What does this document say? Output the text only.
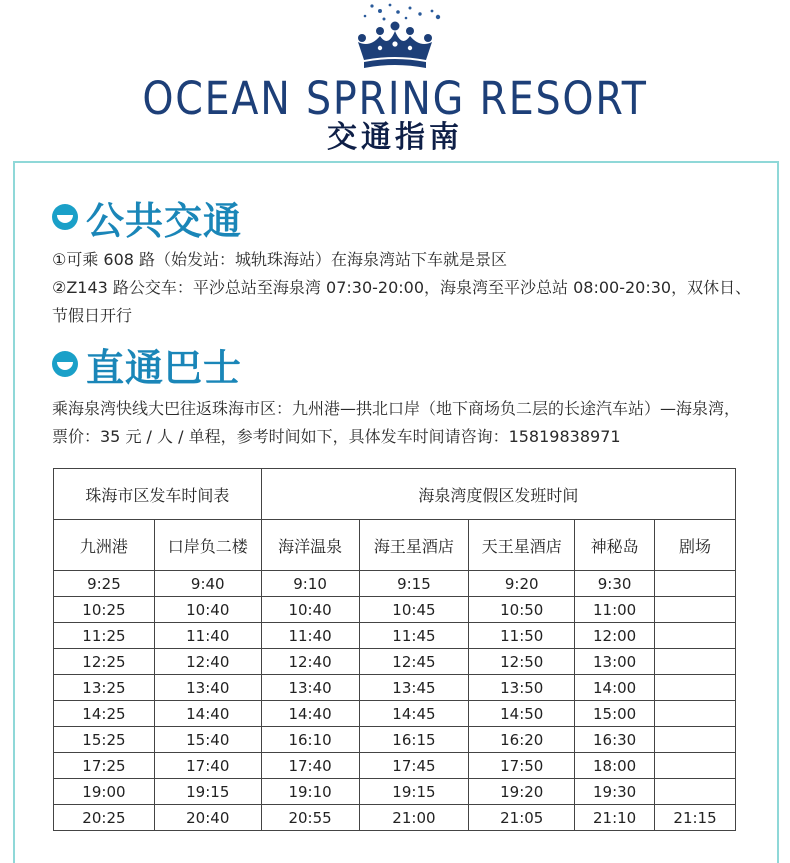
OCEAN SPRING RESORT
交通指南
公共交通
①可乘 608 路（始发站：城轨珠海站）在海泉湾站下车就是景区
②Z143 路公交车：平沙总站至海泉湾 07:30-20:00，海泉湾至平沙总站 08:00-20:30，双休日、节假日开行
直通巴士
乘海泉湾快线大巴往返珠海市区：九州港—拱北口岸（地下商场负二层的长途汽车站）—海泉湾，票价：35 元 / 人 / 单程，参考时间如下，具体发车时间请咨询：15819838971
珠海市区发车时间表		海泉湾度假区发班时间				
九洲港	口岸负二楼	海洋温泉	海王星酒店	天王星酒店	神秘岛	剧场
9:25	9:40	9:10	9:15	9:20	9:30	
10:25	10:40	10:40	10:45	10:50	11:00	
11:25	11:40	11:40	11:45	11:50	12:00	
12:25	12:40	12:40	12:45	12:50	13:00	
13:25	13:40	13:40	13:45	13:50	14:00	
14:25	14:40	14:40	14:45	14:50	15:00	
15:25	15:40	16:10	16:15	16:20	16:30	
17:25	17:40	17:40	17:45	17:50	18:00	
19:00	19:15	19:10	19:15	19:20	19:30	
20:25	20:40	20:55	21:00	21:05	21:10	21:15
